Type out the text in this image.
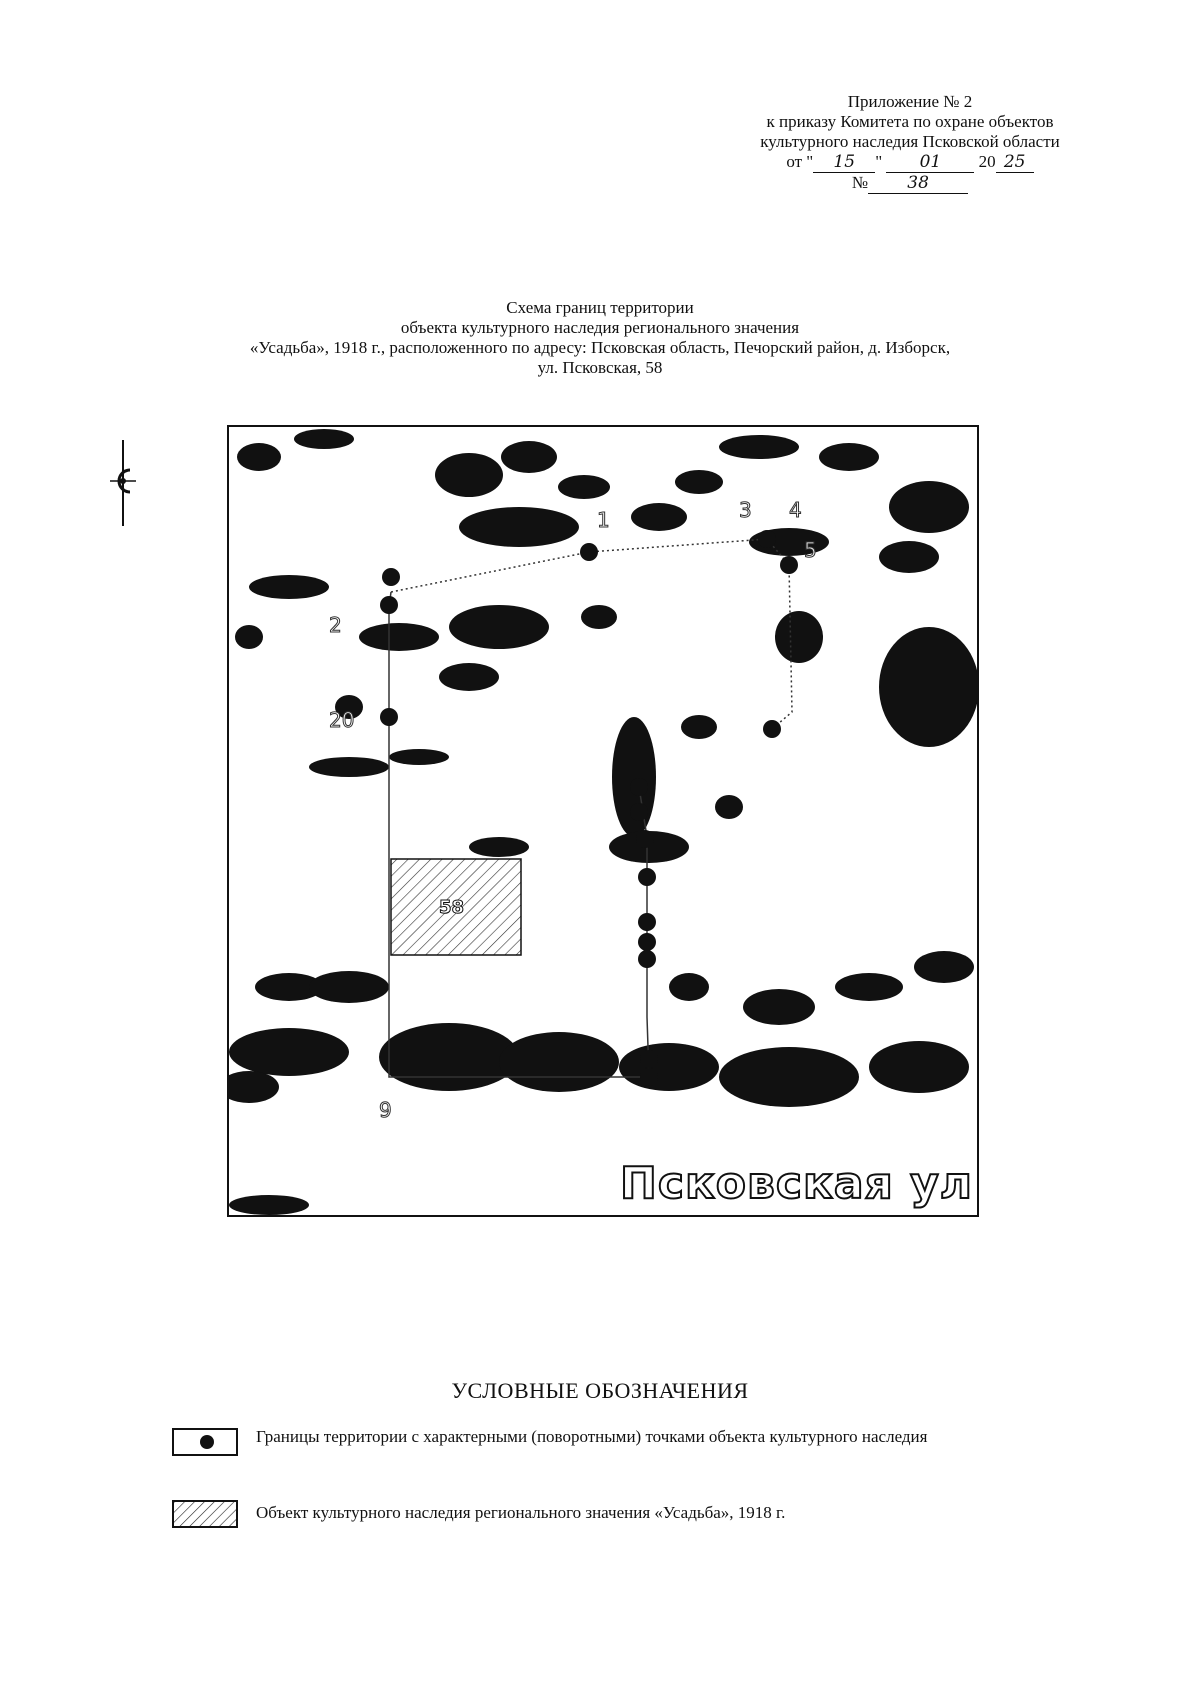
Приложение № 2
к приказу Комитета по охране объектов
культурного наследия Псковской области
от " 15 " 01 20 25
№ 38
Схема границ территории
объекта культурного наследия регионального значения
«Усадьба», 1918 г., расположенного по адресу: Псковская область, Печорский район, д. Изборск,
ул. Псковская, 58
58
1
2
3 4
5
20
9
Псковская ул
УСЛОВНЫЕ ОБОЗНАЧЕНИЯ
Границы территории с характерными (поворотными) точками объекта культурного наследия
Объект культурного наследия регионального значения «Усадьба», 1918 г.
